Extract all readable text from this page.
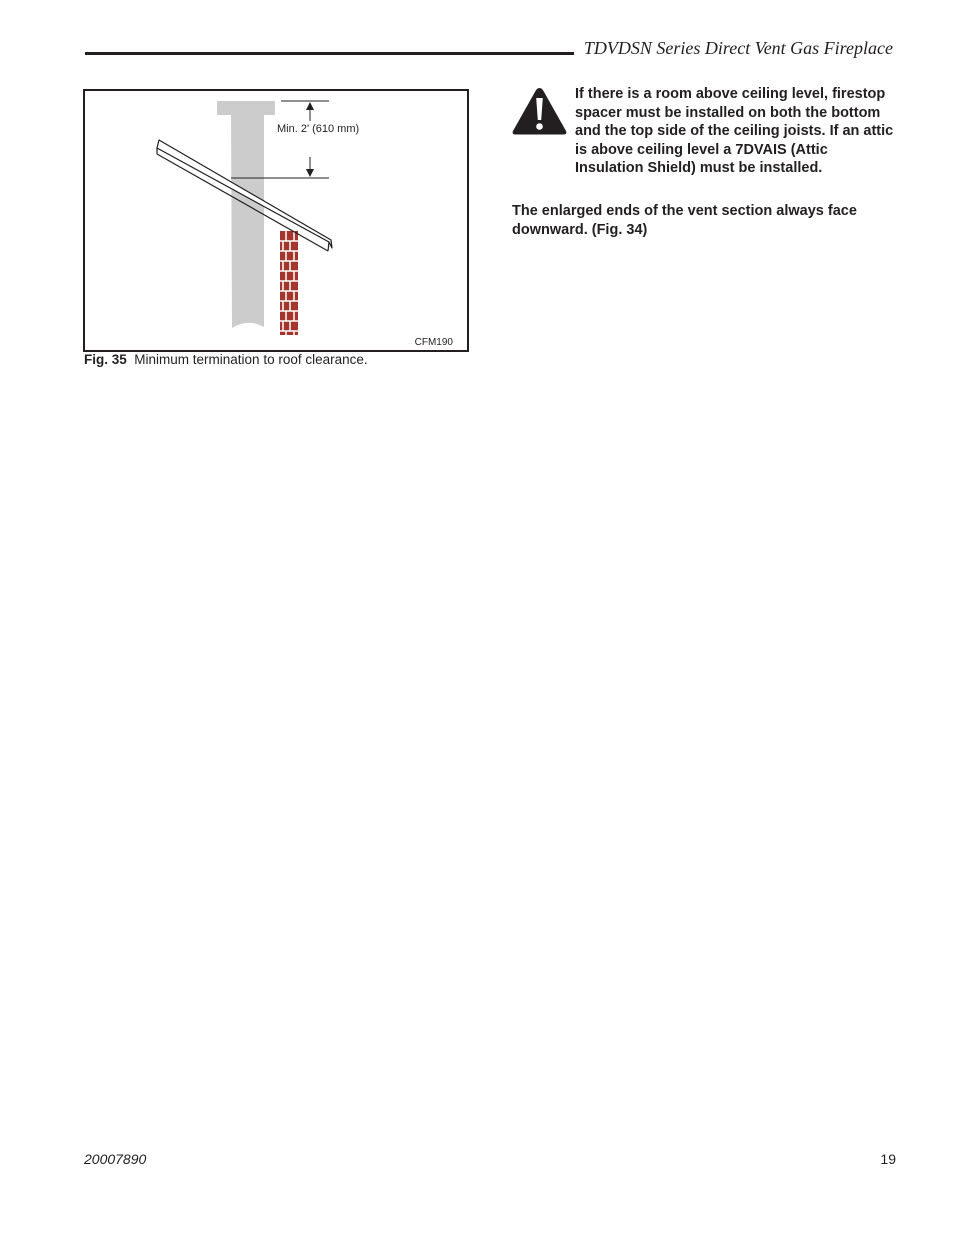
TDVDSN Series Direct Vent Gas Fireplace
Min. 2' (610 mm)
CFM190
Fig. 35 Minimum termination to roof clearance.
If there is a room above ceiling level, firestop spacer must be installed on both the bottom and the top side of the ceiling joists. If an attic is above ceiling level a 7DVAIS (Attic Insulation Shield) must be installed.
The enlarged ends of the vent section always face downward. (Fig. 34)
20007890	19
